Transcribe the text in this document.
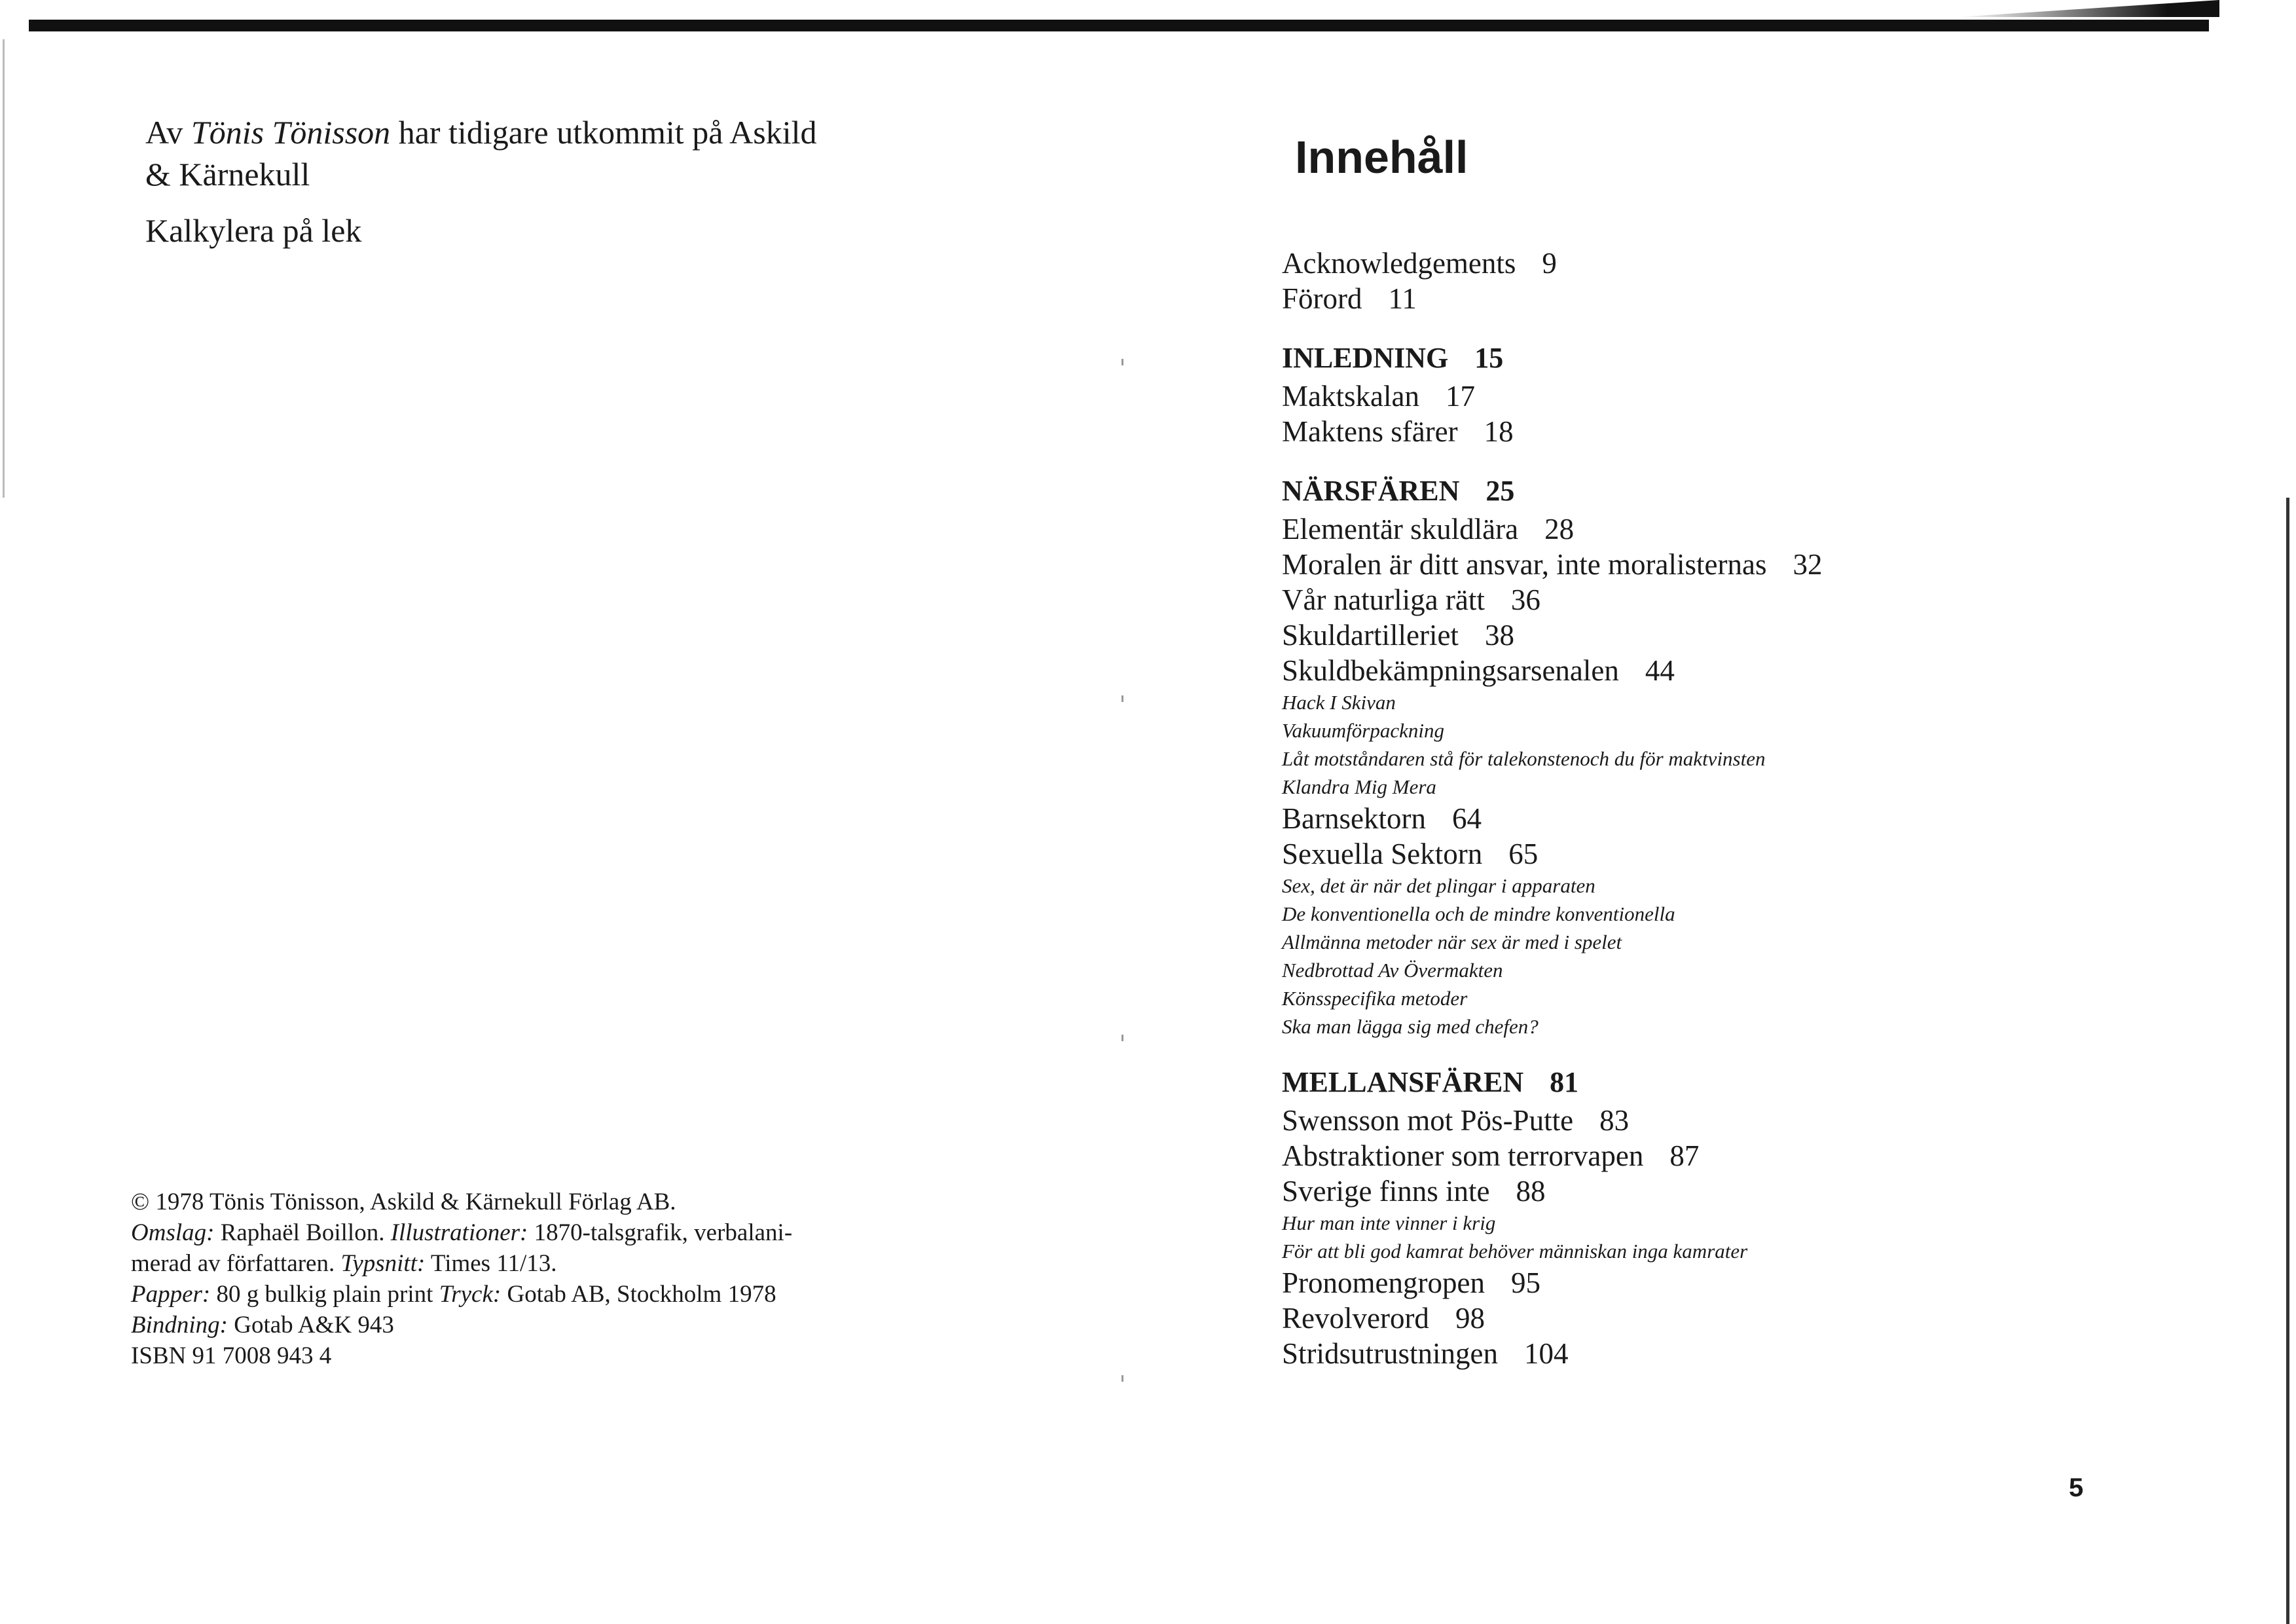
Av Tönis Tönisson har tidigare utkommit på Askild

& Kärnekull

Kalkylera på lek

© 1978 Tönis Tönisson, Askild & Kärnekull Förlag AB.

Omslag: Raphaël Boillon. Illustrationer: 1870-talsgrafik, verbalani-

merad av författaren. Typsnitt: Times 11/13.

Papper: 80 g bulkig plain print Tryck: Gotab AB, Stockholm 1978

Bindning: Gotab A&K 943

ISBN 91 7008 943 4

Innehåll
Acknowledgements 9
Förord 11
INLEDNING 15
Maktskalan 17
Maktens sfärer 18
NÄRSFÄREN 25
Elementär skuldlära 28
Moralen är ditt ansvar, inte moralisternas 32
Vår naturliga rätt 36
Skuldartilleriet 38
Skuldbekämpningsarsenalen 44
Hack I Skivan
Vakuumförpackning
Låt motståndaren stå för talekonstenoch du för maktvinsten
Klandra Mig Mera
Barnsektorn 64
Sexuella Sektorn 65
Sex, det är när det plingar i apparaten
De konventionella och de mindre konventionella
Allmänna metoder när sex är med i spelet
Nedbrottad Av Övermakten
Könsspecifika metoder
Ska man lägga sig med chefen?
MELLANSFÄREN 81
Swensson mot Pös-Putte 83
Abstraktioner som terrorvapen 87
Sverige finns inte 88
Hur man inte vinner i krig
För att bli god kamrat behöver människan inga kamrater
Pronomengropen 95
Revolverord 98
Stridsutrustningen 104
5
